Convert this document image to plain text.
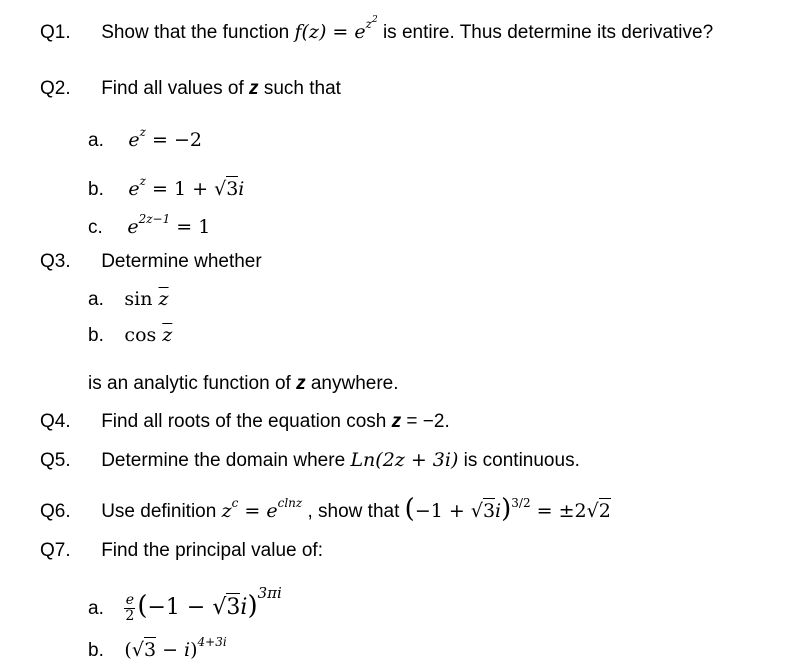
Q1. Show that the function $f(z) = e^{z^2}$ is entire. Thus determine its derivative?
Q2. Find all values of z such that
a. $e^z = -2$
b. $e^z = 1 + √3i$
c. $e^{2z-1} = 1$
Q3. Determine whether
a. $\sin \overline{z}$
b. $\cos \overline{z}$
is an analytic function of z anywhere.
Q4. Find all roots of the equation cosh z = −2.
Q5. Determine the domain where Ln(2z + 3i) is continuous.
Q6. Use definition $z^c = e^{clnz}$ , show that $(-1 + √3i)^{3/2} = \pm 2√2$
Q7. Find the principal value of:
a. $\frac{e}{2} (-1 - √3i)^{3\pi i}$
b. $(√3 - i)^{4+3i}$
